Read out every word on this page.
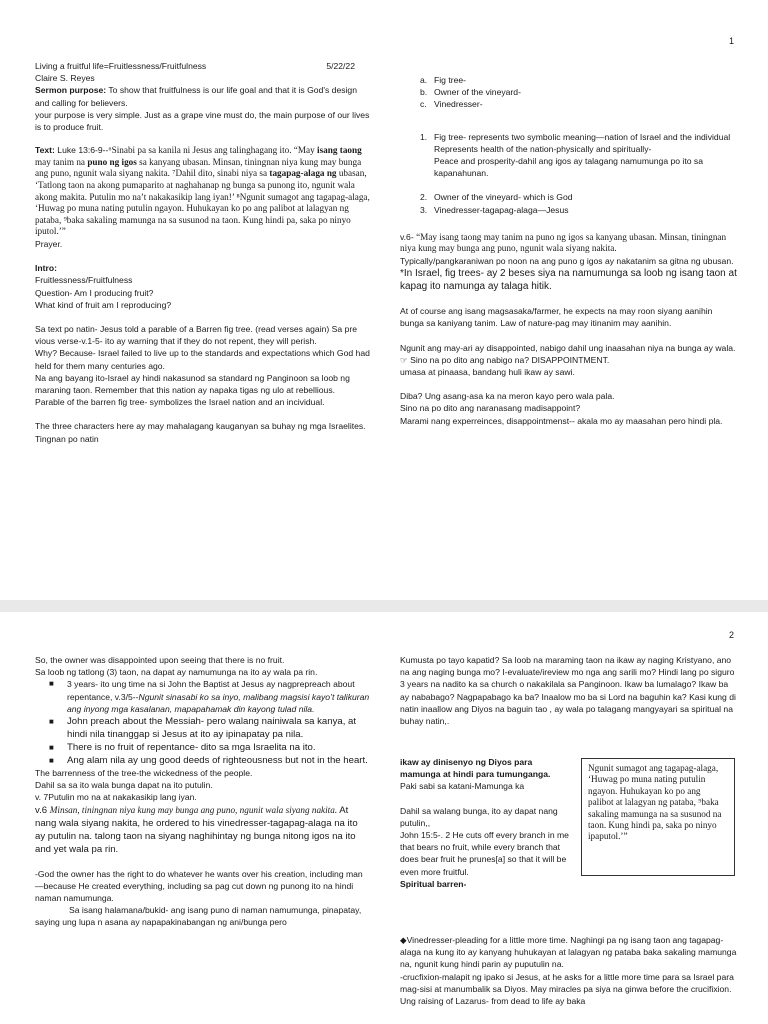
1
Living a fruitful life=Fruitlessness/Fruitfulness	5/22/22

Claire S. Reyes

Sermon purpose: To show that fruitfulness is our life goal and that it is God's design and calling for believers.

your purpose is very simple. Just as a grape vine must do, the main purpose of our lives is to produce fruit.

Text: Luke 13:6-9--⁶Sinabi pa sa kanila ni Jesus ang talinghagang ito. “May isang taong may tanim na puno ng igos sa kanyang ubasan. Minsan, tiningnan niya kung may bunga ang puno, ngunit wala siyang nakita. ⁷Dahil dito, sinabi niya sa tagapag-alaga ng ubasan, ‘Tatlong taon na akong pumaparito at naghahanap ng bunga sa punong ito, ngunit wala akong makita. Putulin mo na’t nakakasikip lang iyan!’ ⁸Ngunit sumagot ang tagapag-alaga, ‘Huwag po muna nating putulin ngayon. Huhukayan ko po ang palibot at lalagyan ng pataba, ⁹baka sakaling mamunga na sa susunod na taon. Kung hindi pa, saka po ninyo iputol.’”

Prayer.

Intro:

Fruitlessness/Fruitfulness

Question- Am I producing fruit?

What kind of fruit am I reproducing?

Sa text po natin- Jesus told a parable of a Barren fig tree. (read verses again) Sa pre

vious verse-v.1-5- ito ay warning that if they do not repent, they will perish.

Why? Because- Israel failed to live up to the standards and expectations which God had held for them many centuries ago.

Na ang bayang ito-Israel ay hindi nakasunod sa standard ng Panginoon sa loob ng maraning taon. Remember that this nation ay napaka tigas ng ulo at rebellious.

Parable of the barren fig tree- symbolizes the Israel nation and an incividual.

The three characters here ay may mahalagang kauganyan sa buhay ng mga Israelites. Tingnan po natin

a. Fig tree-
b. Owner of the vineyard-
c. Vinedresser-
1. Fig tree- represents two symbolic meaning—nation of Israel and the individual

Represents health of the nation-physically and spiritually-

Peace and prosperity-dahil ang igos ay talagang namumunga po ito sa kapanahunan.

2. Owner of the vineyard- which is God
3. Vinedresser-tagapag-alaga—Jesus

v.6- “May isang taong may tanim na puno ng igos sa kanyang ubasan. Minsan, tiningnan niya kung may bunga ang puno, ngunit wala siyang nakita.

Typically/pangkaraniwan po noon na ang puno g igos ay nakatanim sa gitna ng ubusan. *In Israel, fig trees- ay 2 beses siya na namumunga sa loob ng isang taon at kapag ito namunga ay talaga hitik.

At of course ang isang magsasaka/farmer, he expects na may roon siyang aanihin bunga sa kaniyang tanim. Law of nature-pag may itinanim may aanihin.

Ngunit ang may-ari ay disappointed, nabigo dahil ung inaasahan niya na bunga ay wala.

☞ Sino na po dito ang nabigo na? DISAPPOINTMENT.

umasa at pinaasa, bandang huli ikaw ay sawi.

Diba? Ung asang-asa ka na meron kayo pero wala pala.

Sino na po dito ang naranasang madisappoint?

Marami nang experreinces, disappointmenst-- akala mo ay maasahan pero hindi pla.

2

So, the owner was disappointed upon seeing that there is no fruit.

Sa loob ng tatlong (3) taon, na dapat ay namumunga na ito ay wala pa rin.

■	3 years- ito ung time na si John the Baptist at Jesus ay nagprepreach about repentance, v.3/5--Ngunit sinasabi ko sa inyo, malibang magsisi kayo’t talikuran ang inyong mga kasalanan, mapapahamak din kayong tulad nila.
■	John preach about the Messiah- pero walang nainiwala sa kanya, at hindi nila tinanggap si Jesus at ito ay ipinapatay pa nila.
■	There is no fruit of repentance- dito sa mga Israelita na ito.
■	Ang alam nila ay ung good deeds of righteousness but not in the heart.

The barrenness of the tree-the wickedness of the people.

Dahil sa sa ito wala bunga dapat na ito putulin.

v. 7Putulin mo na at nakakasikip lang iyan.

v.6 Minsan, tiningnan niya kung may bunga ang puno, ngunit wala siyang nakita. At nang wala siyang nakita, he ordered to his vinedresser-tagapag-alaga na ito ay putulin na. talong taon na siyang naghihintay ng bunga nitong igos na ito and yet wala pa rin.

-God the owner has the right to do whatever he wants over his creation, including man—because He created everything, including sa pag cut down ng punong ito na hindi naman namumunga.

Sa isang halamana/bukid- ang isang puno di naman namumunga, pinapatay, saying ung lupa n asana ay napapakinabangan ng ani/bunga pero

Kumusta po tayo kapatid? Sa loob na maraming taon na ikaw ay naging Kristyano, ano na ang naging bunga mo? I-evaluate/ireview mo nga ang sarili mo? Hindi lang po siguro 3 years na nadito ka sa church o nakakilala sa Panginoon. Ikaw ba lumalago? Ikaw ba ay nababago? Nagpapabago ka ba? Inaalow mo ba si Lord na baguhin ka? Kasi kung di natin inaallow ang Diyos na baguin tao , ay wala po talagang mangyayari sa spiritual na buhay natin,.

ikaw ay dinisenyo ng Diyos para mamunga at hindi para tumunganga.

Paki sabi sa katani-Mamunga ka

Dahil sa walang bunga, ito ay dapat nang putulin,,

John 15:5-. 2 He cuts off every branch in me that bears no fruit, while every branch that does bear fruit he prunes[a] so that it will be even more fruitful.

Spiritual barren-

Ngunit sumagot ang tagapag-alaga, ‘Huwag po muna nating putulin ngayon. Huhukayan ko po ang palibot at lalagyan ng pataba, ⁹baka sakaling mamunga na sa susunod na taon. Kung hindi pa, saka po ninyo ipaputol.’”

◆Vinedresser-pleading for a little more time. Naghingi pa ng isang taon ang tagapag-alaga na kung ito ay kanyang huhukayan at lalagyan ng pataba baka sakaling mamunga na, ngunit kung hindi parin ay puputulin na.

-crucfixion-malapit ng ipako si Jesus, at he asks for a little more time para sa Israel para mag-sisi at manumbalik sa Diyos. May miracles pa siya na ginwa before the crucifixion. Ung raising of Lazarus- from dead to life ay baka
